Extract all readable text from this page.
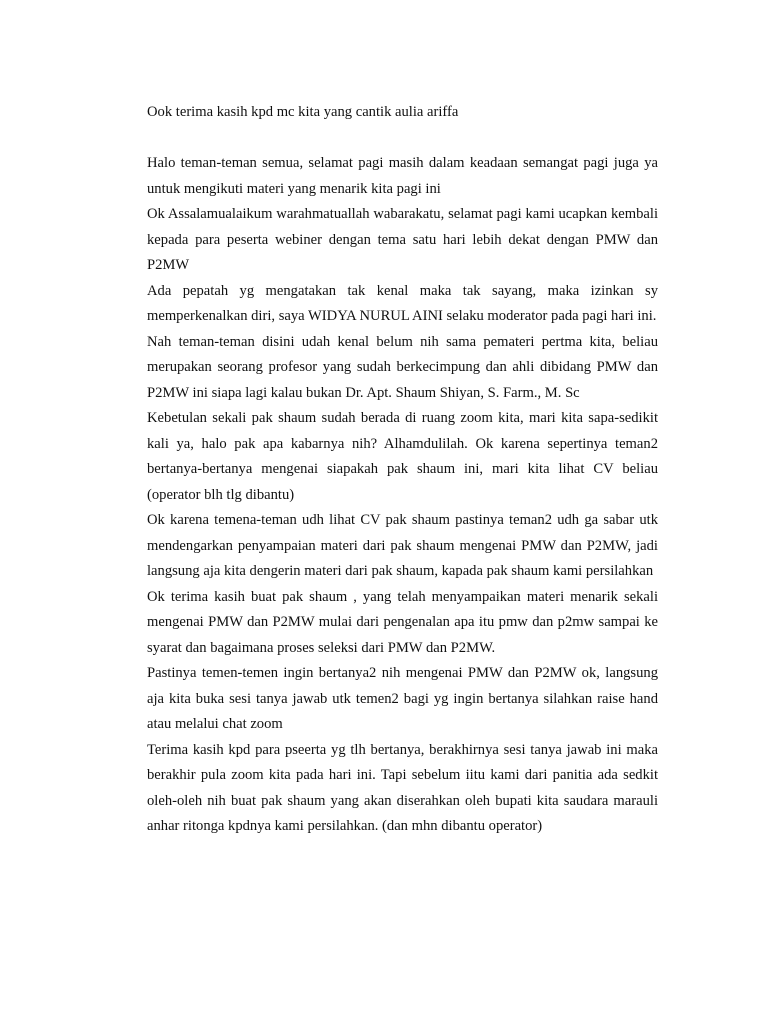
Ook terima kasih kpd mc kita yang cantik aulia ariffa

Halo teman-teman semua, selamat pagi masih dalam keadaan semangat pagi juga ya untuk mengikuti materi yang menarik kita pagi ini

Ok Assalamualaikum warahmatuallah wabarakatu, selamat pagi kami ucapkan kembali kepada para peserta webiner dengan tema satu hari lebih dekat dengan PMW dan P2MW

Ada pepatah yg mengatakan tak kenal maka tak sayang, maka izinkan sy memperkenalkan diri, saya WIDYA NURUL AINI selaku moderator pada pagi hari ini.

Nah teman-teman disini udah kenal belum nih sama pemateri pertma kita, beliau merupakan seorang profesor yang sudah berkecimpung dan ahli dibidang PMW dan P2MW ini siapa lagi kalau bukan Dr. Apt. Shaum Shiyan, S. Farm., M. Sc

Kebetulan sekali pak shaum sudah berada di ruang zoom kita, mari kita sapa-sedikit kali ya, halo pak apa kabarnya nih? Alhamdulilah. Ok karena sepertinya teman2 bertanya-bertanya mengenai siapakah pak shaum ini, mari kita lihat CV beliau (operator blh tlg dibantu)

Ok karena temena-teman udh lihat CV pak shaum pastinya teman2 udh ga sabar utk mendengarkan penyampaian materi dari pak shaum mengenai PMW dan P2MW, jadi langsung aja kita dengerin materi dari pak shaum, kapada pak shaum kami persilahkan

Ok terima kasih buat pak shaum , yang telah menyampaikan materi menarik sekali mengenai PMW dan P2MW mulai dari pengenalan apa itu pmw dan p2mw sampai ke syarat dan bagaimana proses seleksi dari PMW dan P2MW.

Pastinya temen-temen ingin bertanya2 nih mengenai PMW dan P2MW ok, langsung aja kita buka sesi tanya jawab utk temen2 bagi yg ingin bertanya silahkan raise hand atau melalui chat zoom

Terima kasih kpd para pseerta yg tlh bertanya, berakhirnya sesi tanya jawab ini maka berakhir pula zoom kita pada hari ini. Tapi sebelum iitu kami dari panitia ada sedkit oleh-oleh nih buat pak shaum yang akan diserahkan oleh bupati kita saudara marauli anhar ritonga kpdnya kami persilahkan. (dan mhn dibantu operator)
